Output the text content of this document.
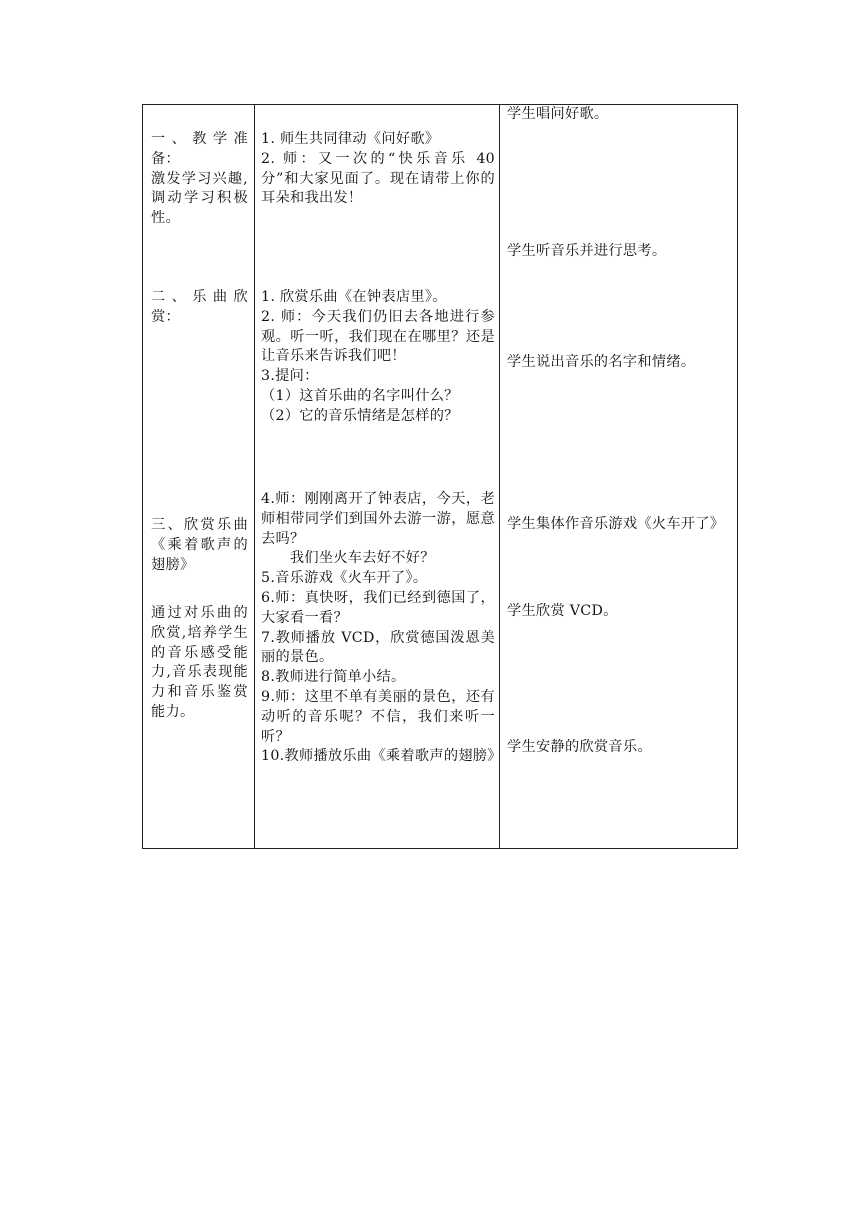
一、教学准备：
激发学习兴趣,调动学习积极性。
二、乐曲欣赏：
三、欣赏乐曲《乘着歌声的翅膀》
通过对乐曲的欣赏,培养学生的音乐感受能力,音乐表现能力和音乐鉴赏能力。
1. 师生共同律动《问好歌》
2. 师：又一次的“快乐音乐 40 分”和大家见面了。现在请带上你的耳朵和我出发！
1. 欣赏乐曲《在钟表店里》。
2. 师：今天我们仍旧去各地进行参观。听一听，我们现在在哪里？还是让音乐来告诉我们吧！
3.提问：
（1）这首乐曲的名字叫什么？
（2）它的音乐情绪是怎样的？
4.师：刚刚离开了钟表店，今天，老师相带同学们到国外去游一游，愿意去吗？
我们坐火车去好不好？
5.音乐游戏《火车开了》。
6.师：真快呀，我们已经到德国了，大家看一看？
7.教师播放 VCD，欣赏德国泼恩美丽的景色。
8.教师进行简单小结。
9.师：这里不单有美丽的景色，还有动听的音乐呢？不信，我们来听一听？
10.教师播放乐曲《乘着歌声的翅膀》
学生唱问好歌。
学生听音乐并进行思考。
学生说出音乐的名字和情绪。
学生集体作音乐游戏《火车开了》
学生欣赏 VCD。
学生安静的欣赏音乐。
